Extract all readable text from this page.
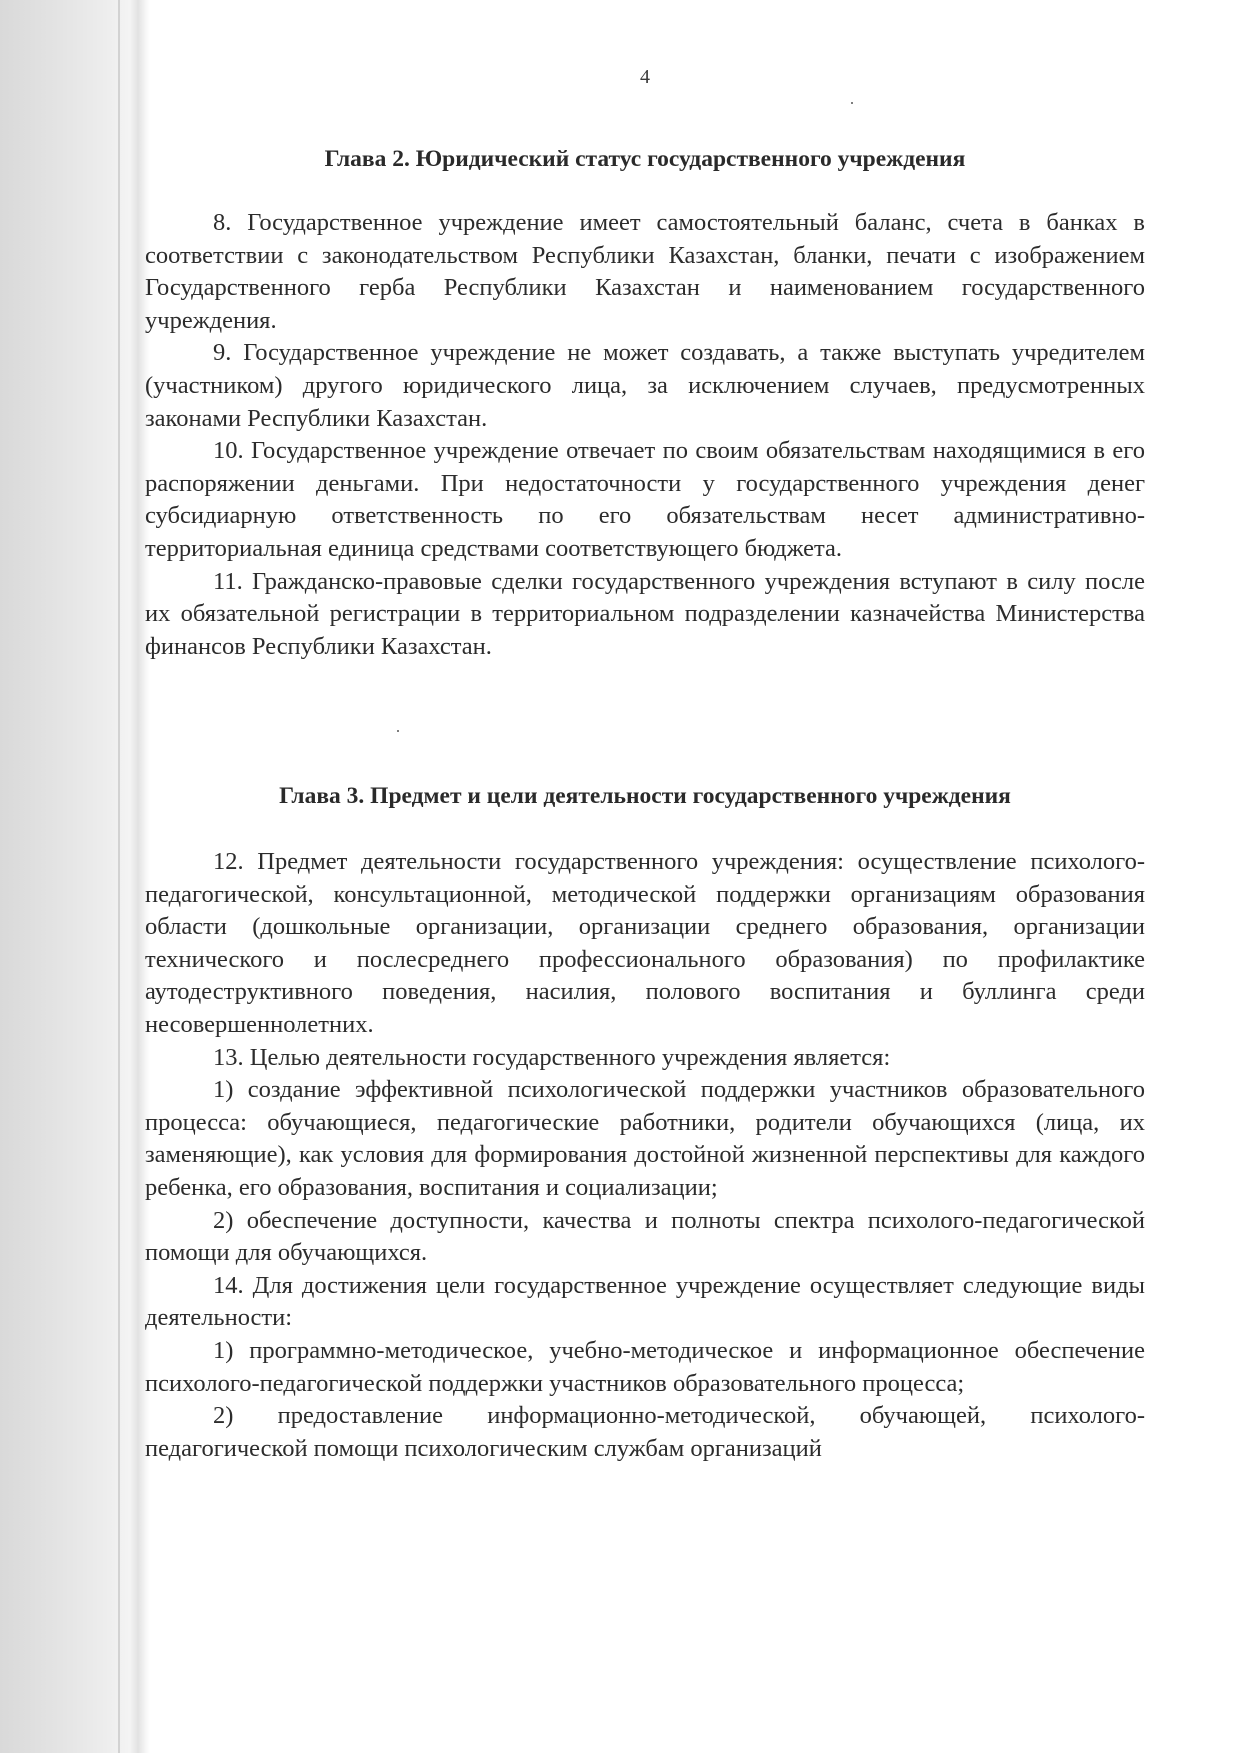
4
Глава 2. Юридический статус государственного учреждения

8. Государственное учреждение имеет самостоятельный баланс, счета в банках в соответствии с законодательством Республики Казахстан, бланки, печати с изображением Государственного герба Республики Казахстан и наименованием государственного учреждения.

9. Государственное учреждение не может создавать, а также выступать учредителем (участником) другого юридического лица, за исключением случаев, предусмотренных законами Республики Казахстан.

10. Государственное учреждение отвечает по своим обязательствам находящимися в его распоряжении деньгами. При недостаточности у государственного учреждения денег субсидиарную ответственность по его обязательствам несет административно-территориальная единица средствами соответствующего бюджета.

11. Гражданско-правовые сделки государственного учреждения вступают в силу после их обязательной регистрации в территориальном подразделении казначейства Министерства финансов Республики Казахстан.

Глава 3. Предмет и цели деятельности государственного учреждения

12. Предмет деятельности государственного учреждения: осуществление психолого-педагогической, консультационной, методической поддержки организациям образования области (дошкольные организации, организации среднего образования, организации технического и послесреднего профессионального образования) по профилактике аутодеструктивного поведения, насилия, полового воспитания и буллинга среди несовершеннолетних.

13. Целью деятельности государственного учреждения является:

1) создание эффективной психологической поддержки участников образовательного процесса: обучающиеся, педагогические работники, родители обучающихся (лица, их заменяющие), как условия для формирования достойной жизненной перспективы для каждого ребенка, его образования, воспитания и социализации;

2) обеспечение доступности, качества и полноты спектра психолого-педагогической помощи для обучающихся.

14. Для достижения цели государственное учреждение осуществляет следующие виды деятельности:

1) программно-методическое, учебно-методическое и информационное обеспечение психолого-педагогической поддержки участников образовательного процесса;

2) предоставление информационно-методической, обучающей, психолого-педагогической помощи психологическим службам организаций
